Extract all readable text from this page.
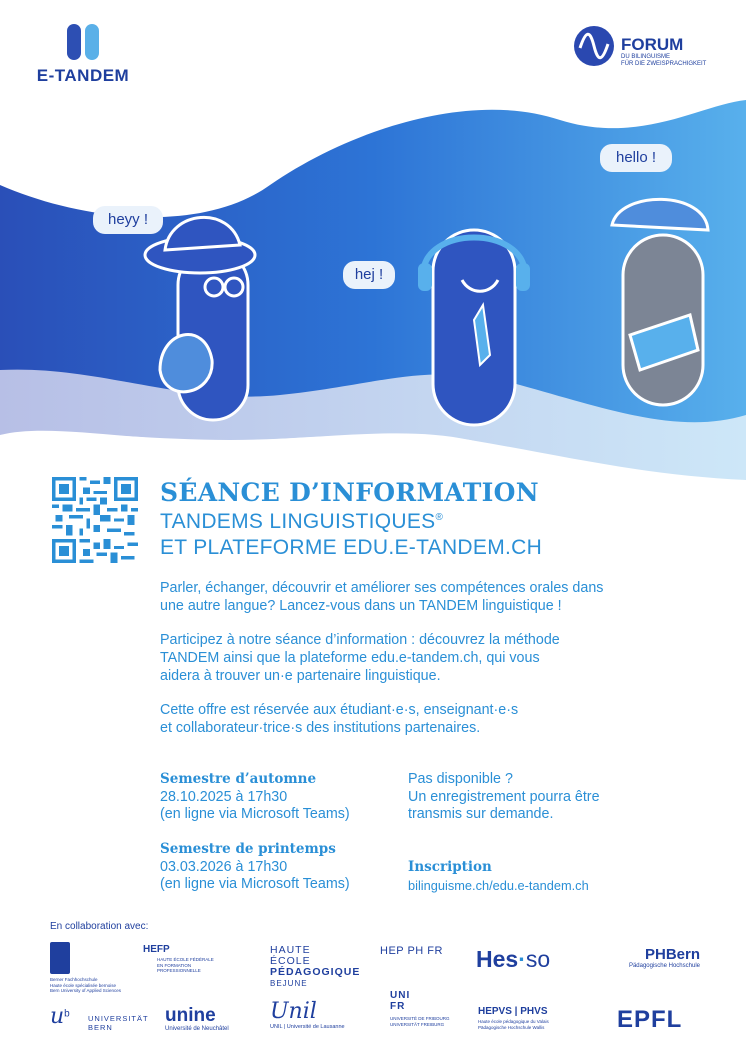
E-TANDEM
FORUM
DU BILINGUISME
FÜR DIE ZWEISPRACHIGKEIT
heyy !
hej !
hello !
SÉANCE D’INFORMATION
TANDEMS LINGUISTIQUES®
ET PLATEFORME EDU.E-TANDEM.CH
Parler, échanger, découvrir et améliorer ses compétences orales dans
une autre langue? Lancez-vous dans un TANDEM linguistique !
Participez à notre séance d’information : découvrez la méthode
TANDEM ainsi que la plateforme edu.e-tandem.ch, qui vous
aidera à trouver un·e partenaire linguistique.
Cette offre est réservée aux étudiant·e·s, enseignant·e·s
et collaborateur·trice·s des institutions partenaires.
Semestre d’automne
28.10.2025 à 17h30
(en ligne via Microsoft Teams)
Semestre de printemps
03.03.2026 à 17h30
(en ligne via Microsoft Teams)
Pas disponible ?
Un enregistrement pourra être
transmis sur demande.
Inscription
bilinguisme.ch/edu.e-tandem.ch
En collaboration avec:
Berner Fachhochschule
Haute école spécialisée bernoise
Bern University of Applied Sciences
HEFP
HAUTE ÉCOLE FÉDÉRALE
EN FORMATION
PROFESSIONNELLE
HAUTE
ÉCOLE
PÉDAGOGIQUE
BEJUNE
HEP PH FR	Hes·so	PHBern
Pädagogische Hochschule
$u^b$ UNIVERSITÄT
BERN
unine
Université de Neuchâtel
Unil
UNIL | Université de Lausanne
UNI
FR
UNIVERSITÉ DE FRIBOURG
UNIVERSITÄT FREIBURG
HEPVS | PHVS
Haute école pédagogique du Valais
Pädagogische Hochschule Wallis	EPFL
